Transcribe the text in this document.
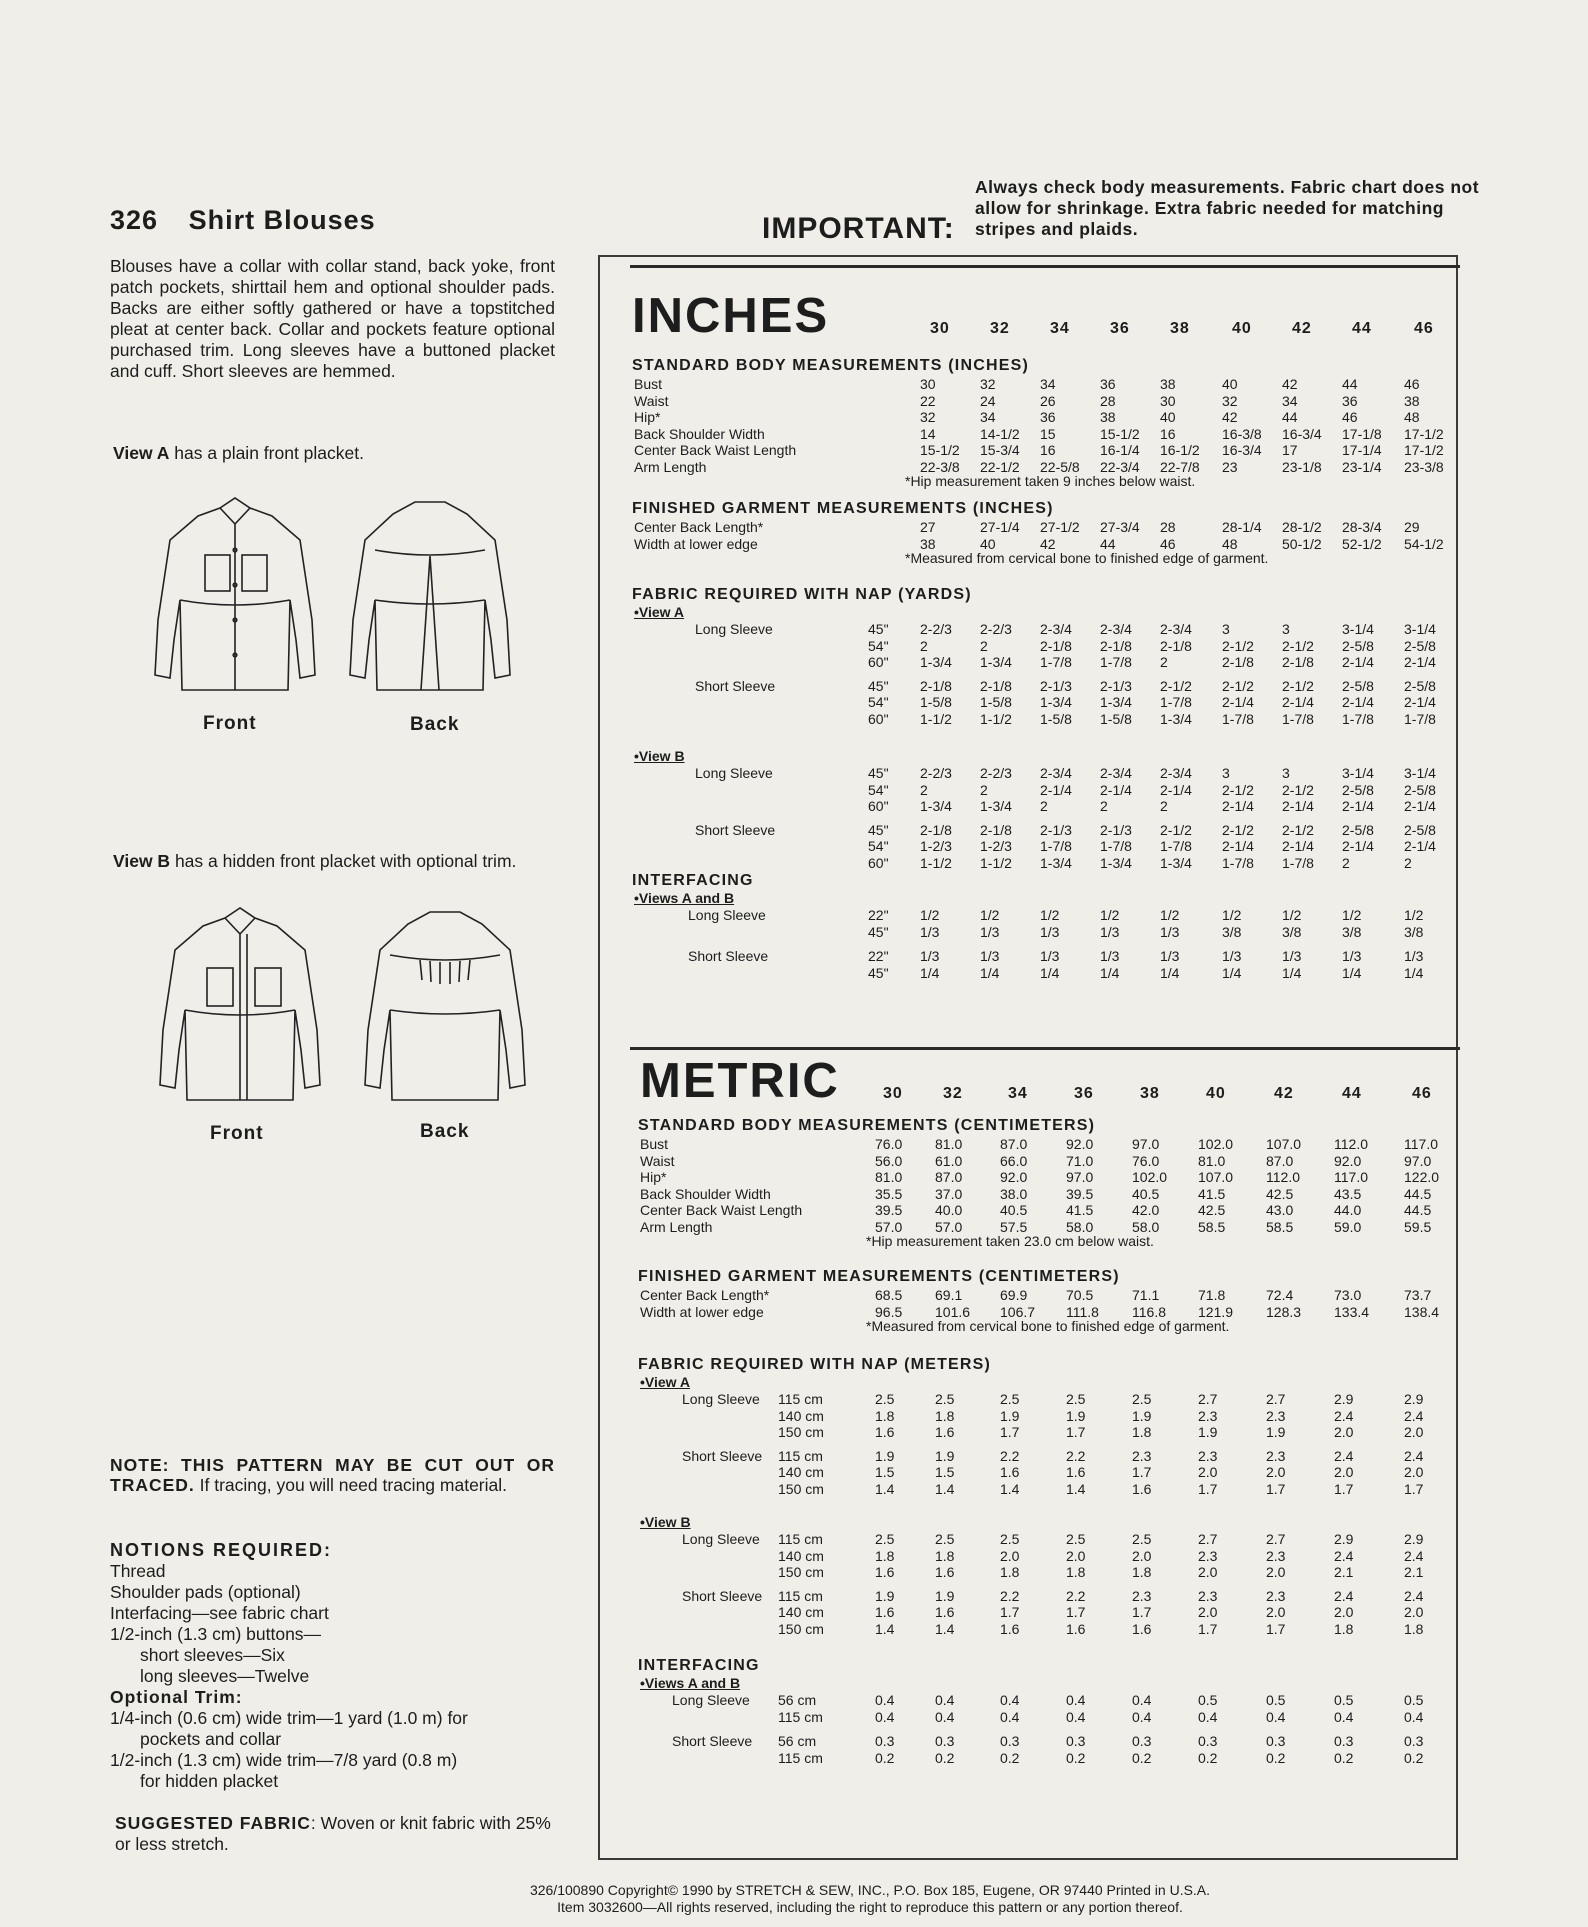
326 Shirt Blouses
Blouses have a collar with collar stand, back yoke, front patch pockets, shirttail hem and optional shoulder pads. Backs are either softly gathered or have a topstitched pleat at center back. Collar and pockets feature optional purchased trim. Long sleeves have a buttoned placket and cuff. Short sleeves are hemmed.
View A has a plain front placket.
Front	Back
View B has a hidden front placket with optional trim.
Front	Back
NOTE: THIS PATTERN MAY BE CUT OUT OR TRACED. If tracing, you will need tracing material.
NOTIONS REQUIRED:
Thread
Shoulder pads (optional)
Interfacing—see fabric chart
1/2-inch (1.3 cm) buttons—
short sleeves—Six
long sleeves—Twelve
Optional Trim:
1/4-inch (0.6 cm) wide trim—1 yard (1.0 m) for
pockets and collar
1/2-inch (1.3 cm) wide trim—7/8 yard (0.8 m)
for hidden placket
SUGGESTED FABRIC: Woven or knit fabric with 25% or less stretch.
IMPORTANT:
Always check body measurements. Fabric chart does not allow for shrinkage. Extra fabric needed for matching stripes and plaids.
INCHES
METRIC
30	32	34	36	38	40	42	44	46
STANDARD BODY MEASUREMENTS (INCHES)
Bust	30	32	34	36	38	40	42	44	46
Waist	22	24	26	28	30	32	34	36	38
Hip*	32	34	36	38	40	42	44	46	48
Back Shoulder Width	14	14-1/2 15	15-1/2 16	16-3/8 16-3/4 17-1/8 17-1/2
Center Back Waist Length	15-1/2 15-3/4 16	16-1/4 16-1/2 16-3/4 17	17-1/4 17-1/2
Arm Length	22-3/8 22-1/2 22-5/8 22-3/4 22-7/8 23	23-1/8 23-1/4 23-3/8
*Hip measurement taken 9 inches below waist.
FINISHED GARMENT MEASUREMENTS (INCHES)
Center Back Length*	27	27-1/4 27-1/2 27-3/4 28	28-1/4 28-1/2 28-3/4 29
Width at lower edge	38	40	42	44	46	48	50-1/2 52-1/2 54-1/2
*Measured from cervical bone to finished edge of garment.
FABRIC REQUIRED WITH NAP (YARDS)
•View A
Long Sleeve	45" 2-2/3 2-2/3 2-3/4 2-3/4 2-3/4 3	3	3-1/4 3-1/4
54" 2	2	2-1/8 2-1/8 2-1/8 2-1/2 2-1/2 2-5/8 2-5/8
60" 1-3/4 1-3/4 1-7/8 1-7/8 2	2-1/8 2-1/8 2-1/4 2-1/4
Short Sleeve	45" 2-1/8 2-1/8 2-1/3 2-1/3 2-1/2 2-1/2 2-1/2 2-5/8 2-5/8
54" 1-5/8 1-5/8 1-3/4 1-3/4 1-7/8 2-1/4 2-1/4 2-1/4 2-1/4
60" 1-1/2 1-1/2 1-5/8 1-5/8 1-3/4 1-7/8 1-7/8 1-7/8 1-7/8
•View B
Long Sleeve	45" 2-2/3 2-2/3 2-3/4 2-3/4 2-3/4 3	3	3-1/4 3-1/4
54" 2	2	2-1/4 2-1/4 2-1/4 2-1/2 2-1/2 2-5/8 2-5/8
60" 1-3/4 1-3/4 2	2	2	2-1/4 2-1/4 2-1/4 2-1/4
Short Sleeve	45" 2-1/8 2-1/8 2-1/3 2-1/3 2-1/2 2-1/2 2-1/2 2-5/8 2-5/8
54" 1-2/3 1-2/3 1-7/8 1-7/8 1-7/8 2-1/4 2-1/4 2-1/4 2-1/4
60" 1-1/2 1-1/2 1-3/4 1-3/4 1-3/4 1-7/8 1-7/8 2	2
INTERFACING
•Views A and B
Long Sleeve	22" 1/2	1/2	1/2	1/2	1/2	1/2	1/2	1/2	1/2
45" 1/3	1/3	1/3	1/3	1/3	3/8	3/8	3/8	3/8
Short Sleeve	22" 1/3	1/3	1/3	1/3	1/3	1/3	1/3	1/3	1/3
45" 1/4	1/4	1/4	1/4	1/4	1/4	1/4	1/4	1/4
30	32	34	36	38	40	42	44	46
STANDARD BODY MEASUREMENTS (CENTIMETERS)
Bust	76.0 81.0	87.0	92.0	97.0	102.0 107.0 112.0	117.0
Waist	56.0 61.0	66.0	71.0	76.0	81.0	87.0	92.0	97.0
Hip*	81.0 87.0	92.0	97.0	102.0 107.0 112.0 117.0	122.0
Back Shoulder Width	35.5 37.0	38.0	39.5	40.5	41.5	42.5	43.5	44.5
Center Back Waist Length	39.5 40.0	40.5	41.5	42.0	42.5	43.0	44.0	44.5
Arm Length	57.0 57.0	57.5	58.0	58.0	58.5	58.5	59.0	59.5
*Hip measurement taken 23.0 cm below waist.
FINISHED GARMENT MEASUREMENTS (CENTIMETERS)
Center Back Length*	68.5 69.1	69.9	70.5	71.1	71.8	72.4	73.0	73.7
Width at lower edge	96.5 101.6 106.7 111.8 116.8 121.9 128.3 133.4 138.4
*Measured from cervical bone to finished edge of garment.
FABRIC REQUIRED WITH NAP (METERS)
•View A
Long Sleeve 115 cm	2.5	2.5	2.5	2.5	2.5	2.7	2.7	2.9	2.9
140 cm	1.8	1.8	1.9	1.9	1.9	2.3	2.3	2.4	2.4
150 cm	1.6	1.6	1.7	1.7	1.8	1.9	1.9	2.0	2.0
Short Sleeve 115 cm	1.9	1.9	2.2	2.2	2.3	2.3	2.3	2.4	2.4
140 cm	1.5	1.5	1.6	1.6	1.7	2.0	2.0	2.0	2.0
150 cm	1.4	1.4	1.4	1.4	1.6	1.7	1.7	1.7	1.7
•View B
Long Sleeve 115 cm	2.5	2.5	2.5	2.5	2.5	2.7	2.7	2.9	2.9
140 cm	1.8	1.8	2.0	2.0	2.0	2.3	2.3	2.4	2.4
150 cm	1.6	1.6	1.8	1.8	1.8	2.0	2.0	2.1	2.1
Short Sleeve 115 cm	1.9	1.9	2.2	2.2	2.3	2.3	2.3	2.4	2.4
140 cm	1.6	1.6	1.7	1.7	1.7	2.0	2.0	2.0	2.0
150 cm	1.4	1.4	1.6	1.6	1.6	1.7	1.7	1.8	1.8
INTERFACING
•Views A and B
Long Sleeve 56 cm	0.4	0.4	0.4	0.4	0.4	0.5	0.5	0.5	0.5
115 cm	0.4	0.4	0.4	0.4	0.4	0.4	0.4	0.4	0.4
Short Sleeve 56 cm	0.3	0.3	0.3	0.3	0.3	0.3	0.3	0.3	0.3
115 cm	0.2	0.2	0.2	0.2	0.2	0.2	0.2	0.2	0.2
326/100890 Copyright© 1990 by STRETCH & SEW, INC., P.O. Box 185, Eugene, OR 97440 Printed in U.S.A.
Item 3032600—All rights reserved, including the right to reproduce this pattern or any portion thereof.
